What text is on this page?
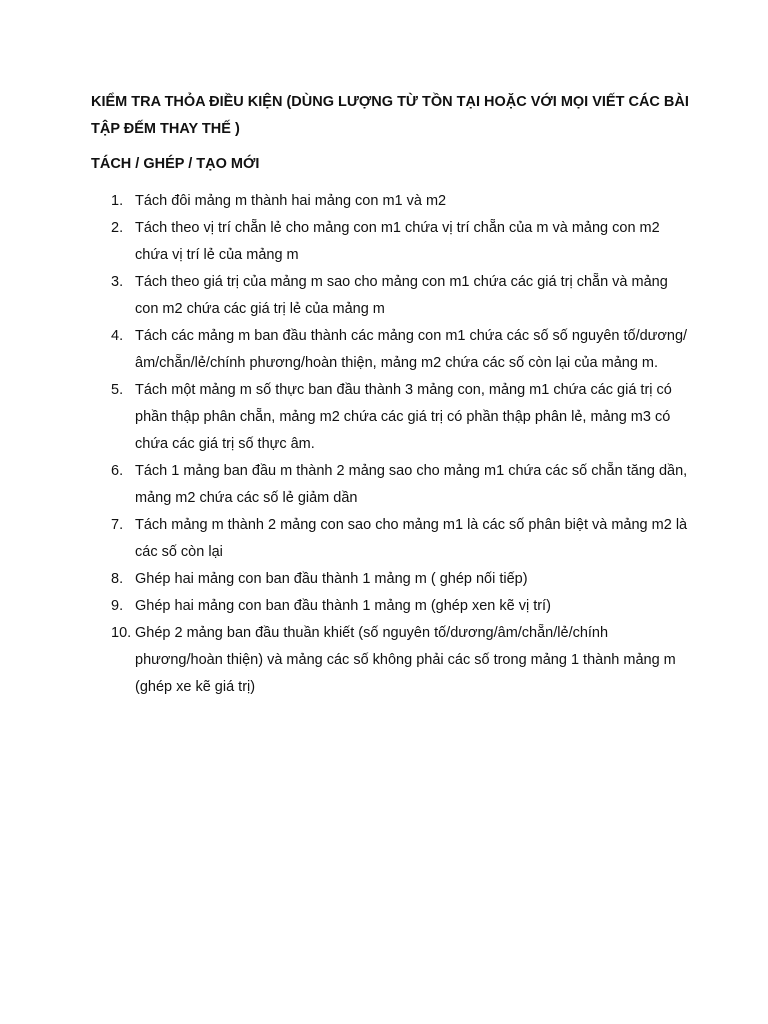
KIỂM TRA THỎA ĐIỀU KIỆN (DÙNG LƯỢNG TỪ TỒN TẠI HOẶC VỚI MỌI VIẾT CÁC BÀI TẬP ĐẾM THAY THẾ )

TÁCH / GHÉP / TẠO MỚI

1. Tách đôi mảng m thành hai mảng con m1 và m2
2. Tách theo vị trí chẵn lẻ cho mảng con m1 chứa vị trí chẵn của m và mảng con m2 chứa vị trí lẻ của mảng m
3. Tách theo giá trị của mảng m sao cho mảng con m1 chứa các giá trị chẵn và mảng con m2 chứa các giá trị lẻ của mảng m
4. Tách các mảng m ban đầu thành các mảng con m1 chứa các số số nguyên tố/dương/âm/chẵn/lẻ/chính phương/hoàn thiện, mảng m2 chứa các số còn lại của mảng m.
5. Tách một mảng m số thực ban đầu thành 3 mảng con, mảng m1 chứa các giá trị có phần thập phân chẵn, mảng m2 chứa các giá trị có phần thập phân lẻ, mảng m3 có chứa các giá trị số thực âm.
6. Tách 1 mảng ban đầu m thành 2 mảng sao cho mảng m1 chứa các số chẵn tăng dần, mảng m2 chứa các số lẻ giảm dần
7. Tách mảng m thành 2 mảng con sao cho mảng m1 là các số phân biệt và mảng m2 là các số còn lại
8. Ghép hai mảng con ban đầu thành 1 mảng m ( ghép nối tiếp)
9. Ghép hai mảng con ban đầu thành 1 mảng m (ghép xen kẽ vị trí)
10. Ghép 2 mảng ban đầu thuần khiết (số nguyên tố/dương/âm/chẵn/lẻ/chính phương/hoàn thiện) và mảng các số không phải các số trong mảng 1 thành mảng m (ghép xe kẽ giá trị)
